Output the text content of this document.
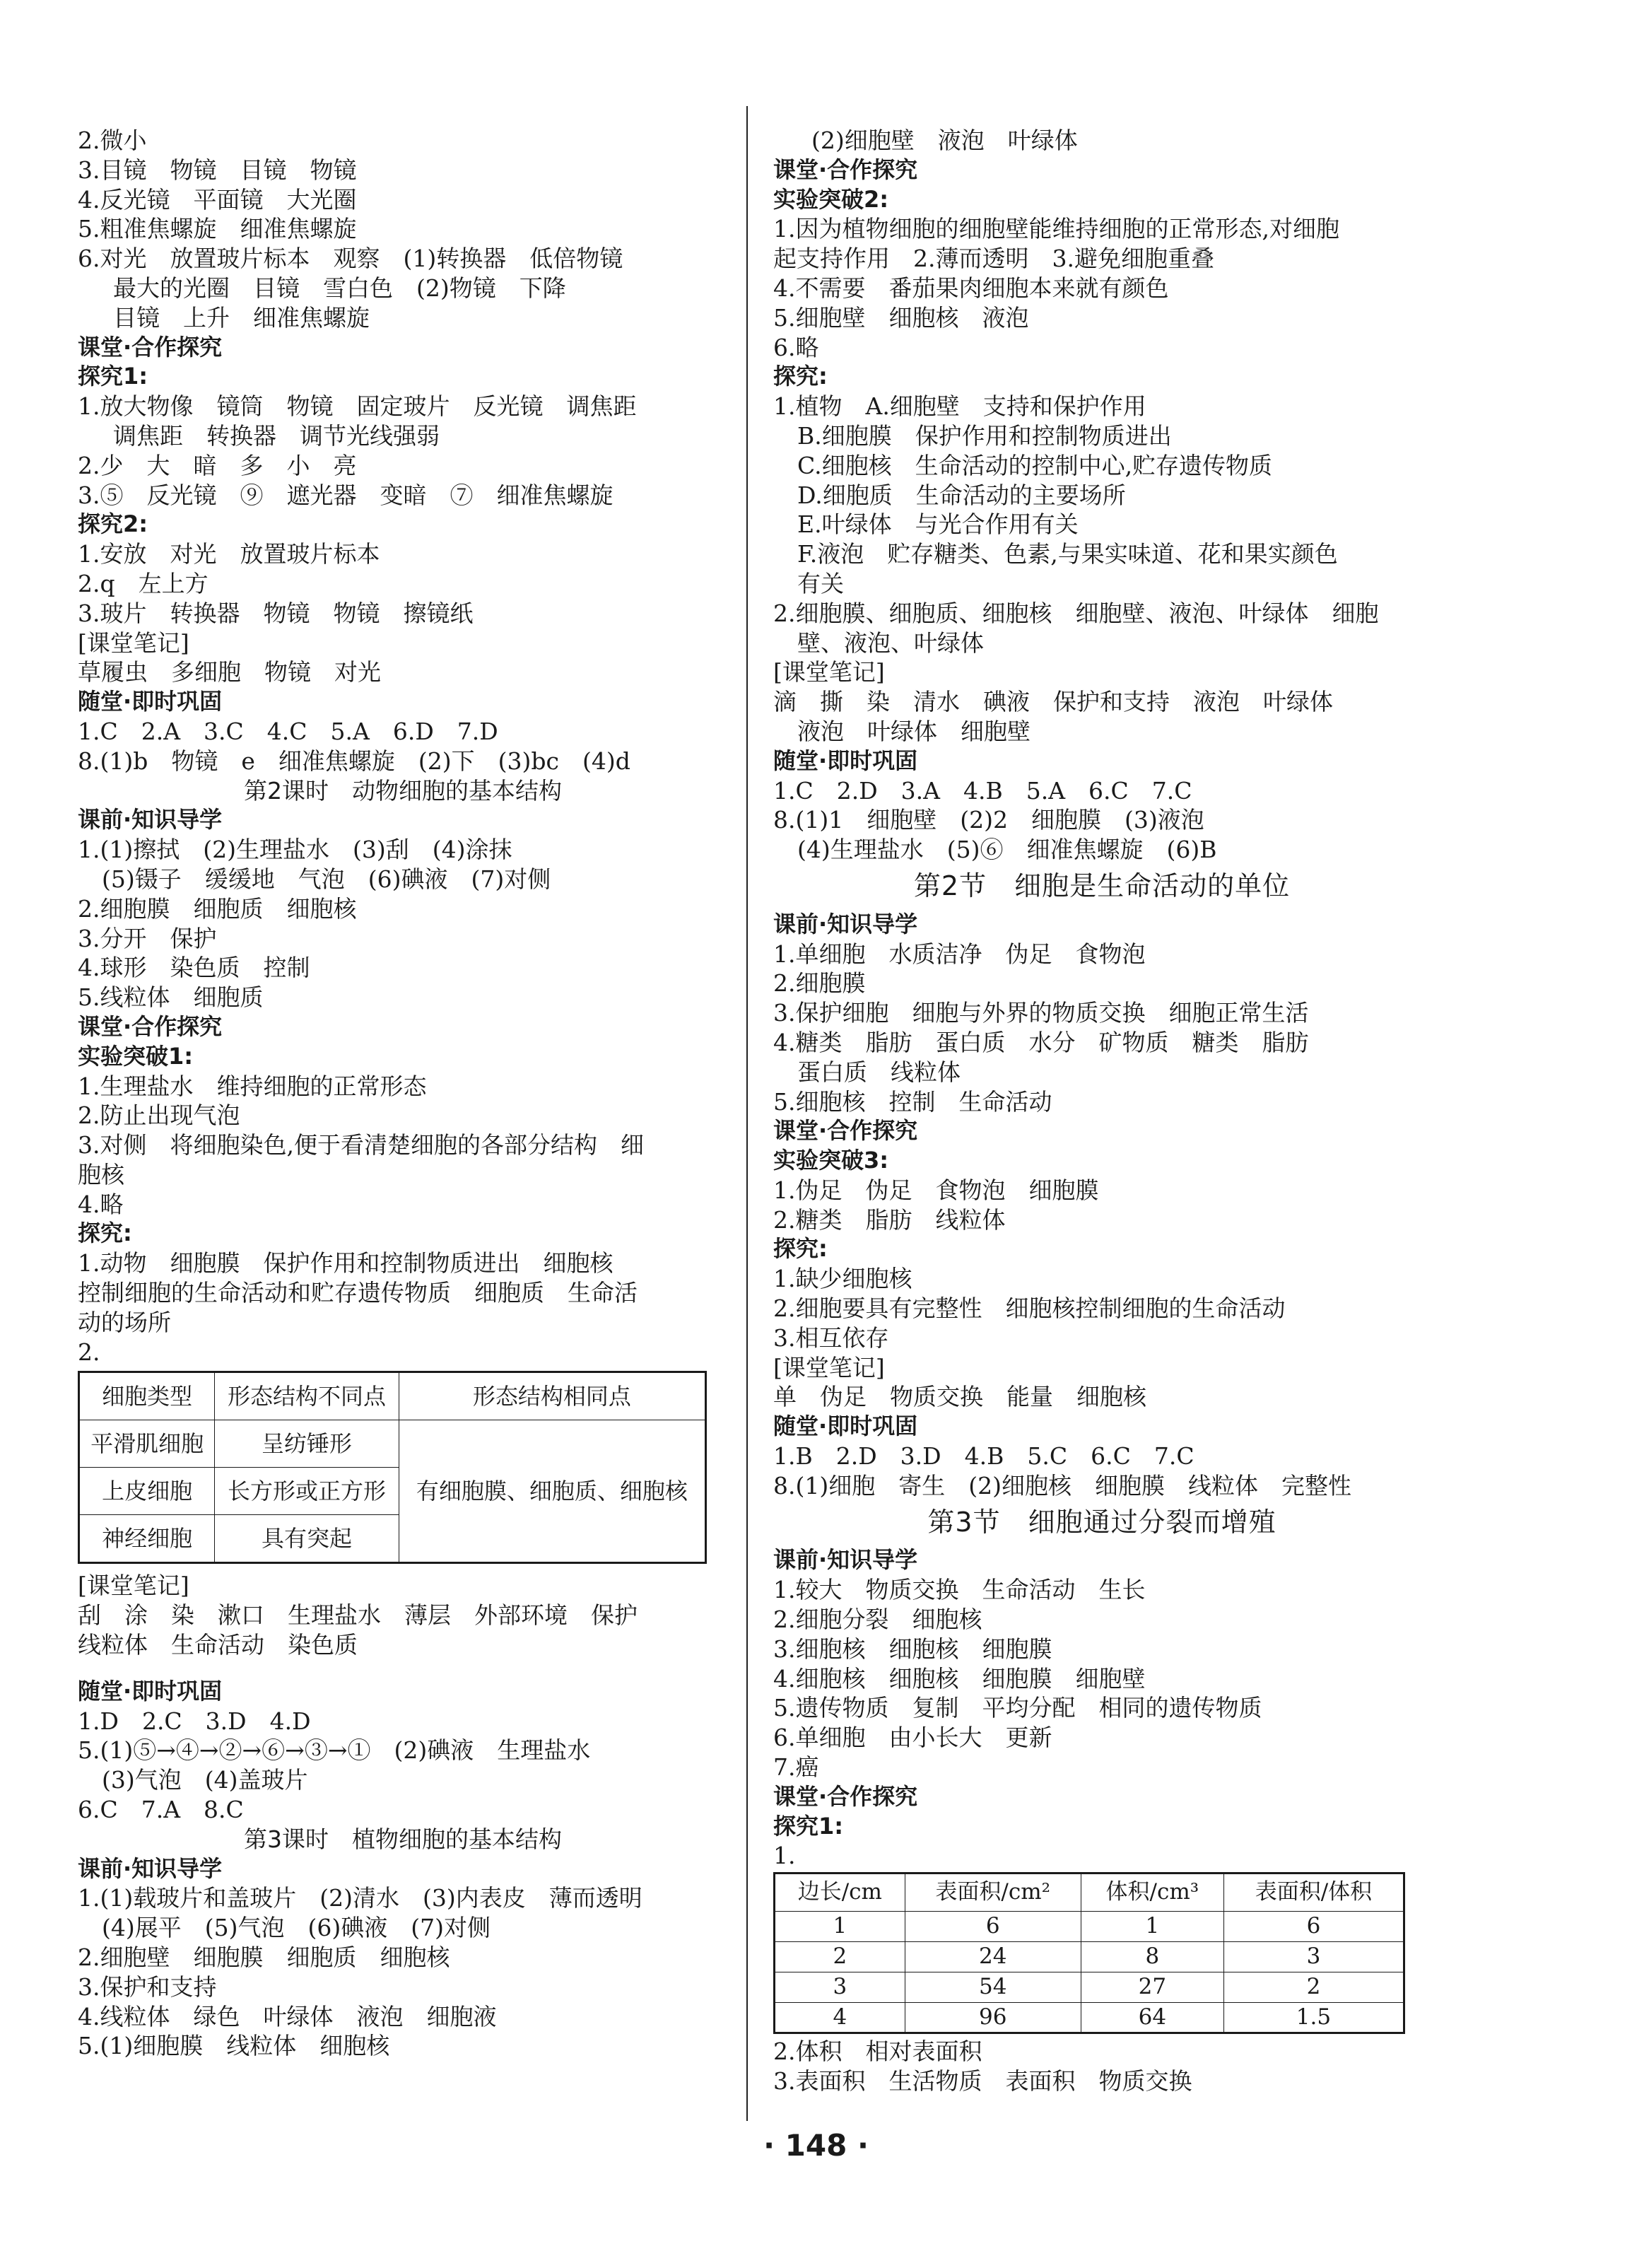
2.微小
3.目镜　物镜　目镜　物镜
4.反光镜　平面镜　大光圈
5.粗准焦螺旋　细准焦螺旋
6.对光　放置玻片标本　观察　(1)转换器　低倍物镜
最大的光圈　目镜　雪白色　(2)物镜　下降
目镜　上升　细准焦螺旋
课堂·合作探究
探究1:
1.放大物像　镜筒　物镜　固定玻片　反光镜　调焦距
调焦距　转换器　调节光线强弱
2.少　大　暗　多　小　亮
3.⑤　反光镜　⑨　遮光器　变暗　⑦　细准焦螺旋
探究2:
1.安放　对光　放置玻片标本
2.q　左上方
3.玻片　转换器　物镜　物镜　擦镜纸
[课堂笔记]
草履虫　多细胞　物镜　对光
随堂·即时巩固
1.C　2.A　3.C　4.C　5.A　6.D　7.D
8.(1)b　物镜　e　细准焦螺旋　(2)下　(3)bc　(4)d
第2课时　动物细胞的基本结构
课前·知识导学
1.(1)擦拭　(2)生理盐水　(3)刮　(4)涂抹
(5)镊子　缓缓地　气泡　(6)碘液　(7)对侧
2.细胞膜　细胞质　细胞核
3.分开　保护
4.球形　染色质　控制
5.线粒体　细胞质
课堂·合作探究
实验突破1:
1.生理盐水　维持细胞的正常形态
2.防止出现气泡
3.对侧　将细胞染色,便于看清楚细胞的各部分结构　细
胞核
4.略
探究:
1.动物　细胞膜　保护作用和控制物质进出　细胞核
控制细胞的生命活动和贮存遗传物质　细胞质　生命活
动的场所
2.
细胞类型	形态结构不同点	形态结构相同点
平滑肌细胞	呈纺锤形	有细胞膜、细胞质、细胞核
上皮细胞	长方形或正方形	
神经细胞	具有突起	
[课堂笔记]
刮　涂　染　漱口　生理盐水　薄层　外部环境　保护
线粒体　生命活动　染色质
随堂·即时巩固
1.D　2.C　3.D　4.D
5.(1)⑤→④→②→⑥→③→①　(2)碘液　生理盐水
(3)气泡　(4)盖玻片
6.C　7.A　8.C
第3课时　植物细胞的基本结构
课前·知识导学
1.(1)载玻片和盖玻片　(2)清水　(3)内表皮　薄而透明
(4)展平　(5)气泡　(6)碘液　(7)对侧
2.细胞壁　细胞膜　细胞质　细胞核
3.保护和支持
4.线粒体　绿色　叶绿体　液泡　细胞液
5.(1)细胞膜　线粒体　细胞核
(2)细胞壁　液泡　叶绿体
课堂·合作探究
实验突破2:
1.因为植物细胞的细胞壁能维持细胞的正常形态,对细胞
起支持作用　2.薄而透明　3.避免细胞重叠
4.不需要　番茄果肉细胞本来就有颜色
5.细胞壁　细胞核　液泡
6.略
探究:
1.植物　A.细胞壁　支持和保护作用
B.细胞膜　保护作用和控制物质进出
C.细胞核　生命活动的控制中心,贮存遗传物质
D.细胞质　生命活动的主要场所
E.叶绿体　与光合作用有关
F.液泡　贮存糖类、色素,与果实味道、花和果实颜色
有关
2.细胞膜、细胞质、细胞核　细胞壁、液泡、叶绿体　细胞
壁、液泡、叶绿体
[课堂笔记]
滴　撕　染　清水　碘液　保护和支持　液泡　叶绿体
液泡　叶绿体　细胞壁
随堂·即时巩固
1.C　2.D　3.A　4.B　5.A　6.C　7.C
8.(1)1　细胞壁　(2)2　细胞膜　(3)液泡
(4)生理盐水　(5)⑥　细准焦螺旋　(6)B
第2节　细胞是生命活动的单位
课前·知识导学
1.单细胞　水质洁净　伪足　食物泡
2.细胞膜
3.保护细胞　细胞与外界的物质交换　细胞正常生活
4.糖类　脂肪　蛋白质　水分　矿物质　糖类　脂肪
蛋白质　线粒体
5.细胞核　控制　生命活动
课堂·合作探究
实验突破3:
1.伪足　伪足　食物泡　细胞膜
2.糖类　脂肪　线粒体
探究:
1.缺少细胞核
2.细胞要具有完整性　细胞核控制细胞的生命活动
3.相互依存
[课堂笔记]
单　伪足　物质交换　能量　细胞核
随堂·即时巩固
1.B　2.D　3.D　4.B　5.C　6.C　7.C
8.(1)细胞　寄生　(2)细胞核　细胞膜　线粒体　完整性
第3节　细胞通过分裂而增殖
课前·知识导学
1.较大　物质交换　生命活动　生长
2.细胞分裂　细胞核
3.细胞核　细胞核　细胞膜
4.细胞核　细胞核　细胞膜　细胞壁
5.遗传物质　复制　平均分配　相同的遗传物质
6.单细胞　由小长大　更新
7.癌
课堂·合作探究
探究1:
1.
边长/cm	表面积/cm²	体积/cm³	表面积/体积
1	6	1	6
2	24	8	3
3	54	27	2
4	96	64	1.5
2.体积　相对表面积
3.表面积　生活物质　表面积　物质交换
· 148 ·
